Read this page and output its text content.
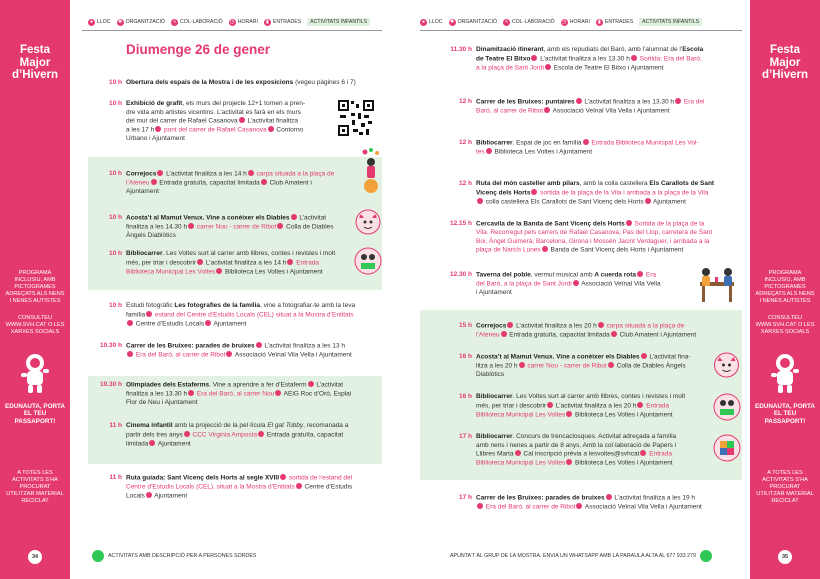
Festa
Major
d’Hivern
PROGRAMA INCLUSIU, AMB PICTOGRAMES ADREÇATS ALS NENS I NENES AUTISTES
CONSULTEU WWW.SVH.CAT O LES XARXES SOCIALS
EDUNAUTA, PORTA EL TEU PASSAPORT!
A TOTES LES ACTIVITATS S’HA PROCURAT UTILITZAR MATERIAL RECICLAT
34
● LLOC ✱ ORGANITZACIÓ	< COL·LABORACIÓ ◷ HORARI	▮ ENTRADES ACTIVITATS INFANTILS
Diumenge 26 de gener
10 h Obertura dels espais de la Mostra i de les exposicions (vegeu pàgines 6 i 7)
10 h Exhibició de grafit, els murs del projecte 12+1 tornen a pren-
dre vida amb artistes vicentins. L’activitat es farà en els murs
del mur del carrer de Rafael Casanova L’activitat finalitza
a les 17 h pont del carrer de Rafael Casanova Contorno
Urbano i Ajuntament
10 h Correjocs L’activitat finalitza a les 14 h carpa situada a la plaça de
l’Ateneu Entrada gratuïta, capacitat limitada Club Amatent i
Ajuntament
10 h Acosta’t al Mamut Venux. Vine a conèixer els Diables L’activitat
finalitza a les 14.30 h carrer Nou - carrer de Ribot Colla de Diables
Àngels Diablòtics
10 h Bibliocarrer. Les Voltes surt al carrer amb llibres, contes i revistes i molt
més, per triar i descobrir L’activitat finalitza a les 14 h Entrada
Biblioteca Municipal Les Voltes Biblioteca Les Voltes i Ajuntament
10 h Estudi fotogràfic Les fotografies de la família, vine a fotografiar-te amb la teva
família estand del Centre d’Estudis Locals (CEL) situat a la Mostra d’Entitats
Centre d’Estudis Locals Ajuntament
10.30 h Carrer de les Bruixes: parades de bruixes L’activitat finalitza a les 13 h
Era del Baró, al carrer de Ribot Associació Veïnal Vila Vella i Ajuntament
10.30 h Olimpiades dels Estaferms. Vine a aprendre a fer d’Estaferm L’activitat
finalitza a les 13.30 h Era del Baró, al carrer Nou AEiG Roc d’Oró, Esplai
Flor de Neu i Ajuntament
11 h Cinema infantil amb la projecció de la pel·lícula El gat Tobby, recomanada a
partir dels tres anys CCC Virginia Amposta Entrada gratuïta, capacitat
limitada Ajuntament
11 h Ruta guiada: Sant Vicenç dels Horts al segle XVIII sortida de l’estand del
Centre d’Estudis Locals (CEL), situat a la Mostra d’Entitats Centre d’Estudis
Locals Ajuntament
ACTIVITATS AMB DESCRIPCIÓ PER A PERSONES SORDES
Festa
Major
d’Hivern
PROGRAMA INCLUSIU, AMB PICTOGRAMES ADREÇATS ALS NENS I NENES AUTISTES
CONSULTEU WWW.SVH.CAT O LES XARXES SOCIALS
EDUNAUTA, PORTA EL TEU PASSAPORT!
A TOTES LES ACTIVITATS S’HA PROCURAT UTILITZAR MATERIAL RECICLAT
35
● LLOC ✱ ORGANITZACIÓ	< COL·LABORACIÓ ◷ HORARI	▮ ENTRADES ACTIVITATS INFANTILS
11.30 h Dinamització itinerant, amb els repudiats del Baró, amb l’alumnat de l’Escola
de Teatre El Bitxo L’activitat finalitza a les 13.30 h Sortida: Era del Baró,
a la plaça de Sant Jordi Escola de Teatre El Bitxo i Ajuntament
12 h Carrer de les Bruixes: puntaires L’activitat finalitza a les 13.30 h Era del
Baró, al carrer de Ribot Associació Veïnal Vila Vella i Ajuntament
12 h Bibliocarrer. Espai de joc en família Entrada Biblioteca Municipal Les Vol-
tes Biblioteca Les Voltes i Ajuntament
12 h Ruta del món casteller amb pilars, amb la colla castellera Els Carallots de Sant
Vicenç dels Horts sortida de la plaça de la Vila i arribada a la plaça de la Vila
colla castellera Els Carallots de Sant Vicenç dels Horts Ajuntament
12.15 h Cercavila de la Banda de Sant Vicenç dels Horts Sortida de la plaça de la
Vila. Recorregut pels carrers de Rafael Casanova, Pas del Llop, carretera de Sant
Boi, Àngel Guimerà, Barcelona, Girona i Mossèn Jacint Verdaguer, i arribada a la
plaça de Narcís Lunes Banda de Sant Vicenç dels Horts i Ajuntament
12.30 h Taverna del poble, vermut musical amb A cuerda rota Era
del Baró, a la plaça de Sant Jordi Associació Veïnal Vila Vella
i Ajuntament
15 h Correjocs L’activitat finalitza a les 20 h carpa situada a la plaça de
l’Ateneu Entrada gratuïta, capacitat limitada Club Amatent i Ajuntament
16 h Acosta’t al Mamut Venux. Vine a conèixer els Diables L’activitat fina-
litza a les 20 h carrer Nou - carrer de Ribot Colla de Diables Àngels
Diablòtics
16 h Bibliocarrer. Les Voltes surt al carrer amb llibres, contes i revistes i molt
més, per triar i descobrir L’activitat finalitza a les 20 h Entrada
Biblioteca Municipal Les Voltes Biblioteca Les Voltes i Ajuntament
17 h Bibliocarrer. Concurs de trencaclosques. Activitat adreçada a família
amb nens i nenes a partir de 8 anys. Amb la col·laboració de Papers i
Llibres Marta Cal inscripció prèvia a lesvoltes@svhcat Entrada
Biblioteca Municipal Les Voltes Biblioteca Les Voltes i Ajuntament
17 h Carrer de les Bruixes: parades de bruixes L’activitat finalitza a les 19 h
Era del Baró, al carrer de Ribot Associació Veïnal Vila Vella i Ajuntament
APUNTA'T AL GRUP DE LA MOSTRA. ENVIA UN WHATSAPP AMB LA PARAULA ALTA AL 677 933 279
